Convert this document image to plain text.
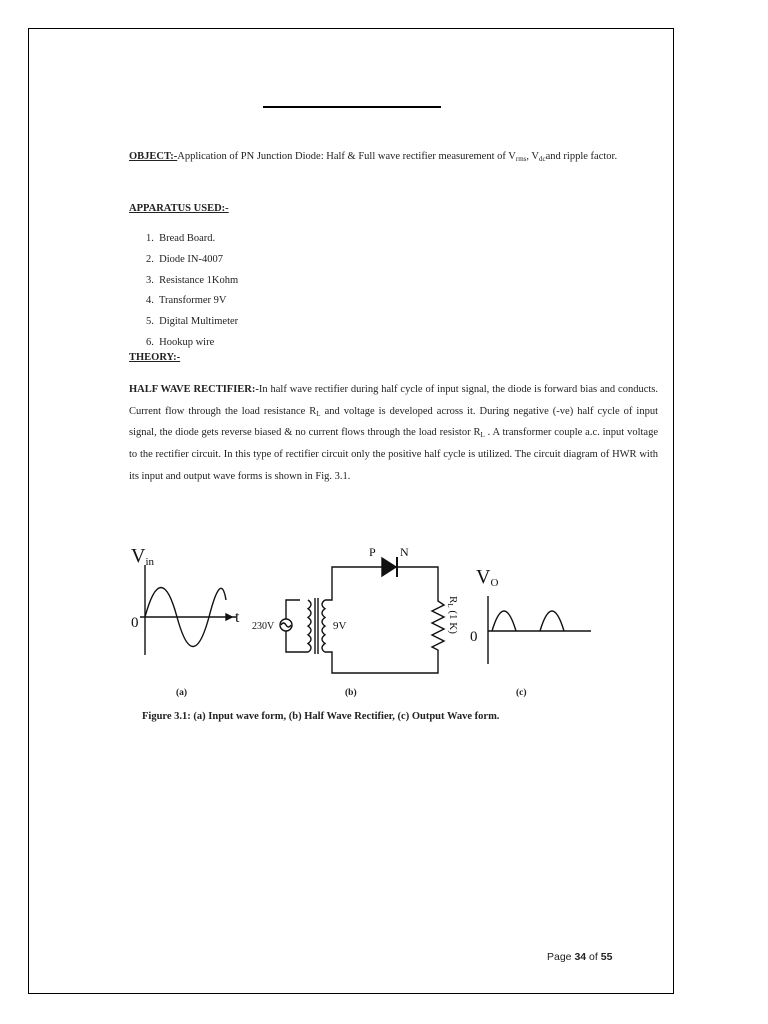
OBJECT:-Application of PN Junction Diode: Half & Full wave rectifier measurement of $V_{rms}$, $V_{dc}and$ ripple factor.
APPARATUS USED:-
1. Bread Board.
2. Diode IN-4007
3. Resistance 1Kohm
4. Transformer 9V
5. Digital Multimeter
6. Hookup wire
THEORY:-
HALF WAVE RECTIFIER:-In half wave rectifier during half cycle of input signal, the diode is forward bias and conducts. Current flow through the load resistance $R_L$ and voltage is developed across it. During negative (-ve) half cycle of input signal, the diode gets reverse biased & no current flows through the load resistor $R_L$ . A transformer couple a.c. input voltage to the rectifier circuit. In this type of rectifier circuit only the positive half cycle is utilized. The circuit diagram of HWR with its input and output wave forms is shown in Fig. 3.1.
Vin
0	t
230V	9V
P N
RL (1 K)
VO
0
(a)	(b)	(c)
Figure 3.1: (a) Input wave form, (b) Half Wave Rectifier, (c) Output Wave form.
Page 34 of 55
